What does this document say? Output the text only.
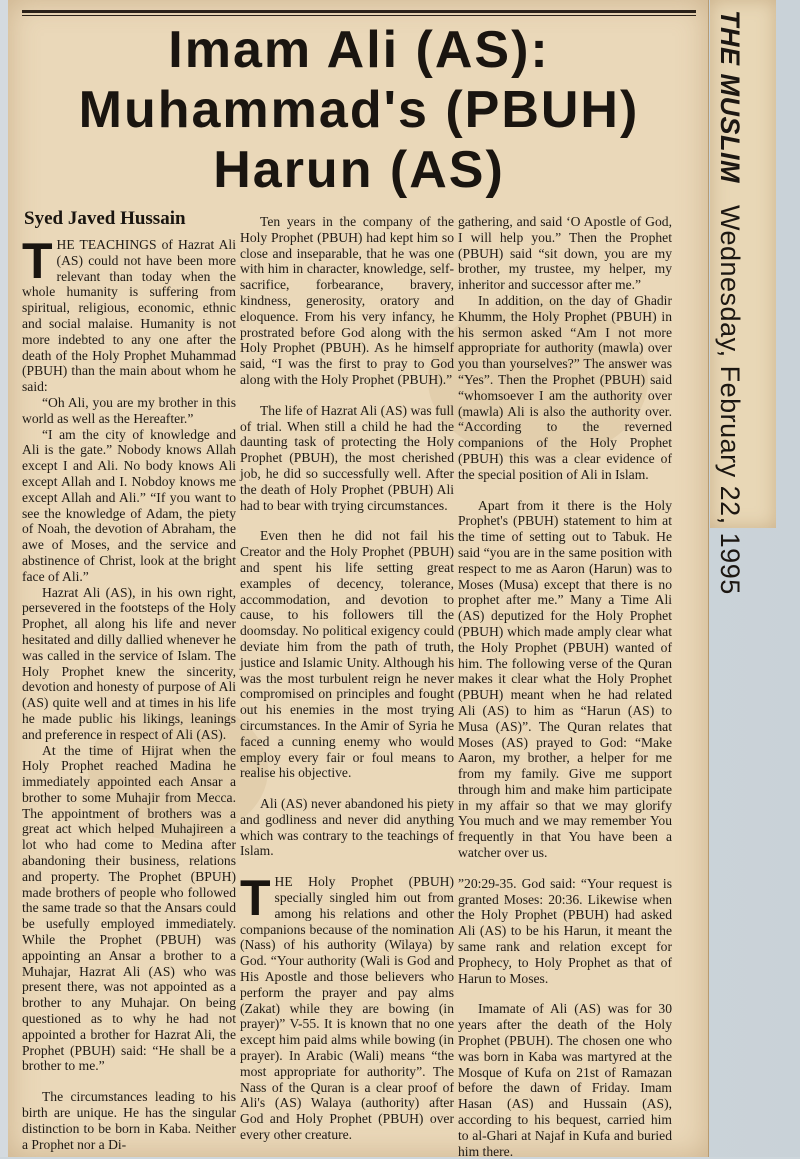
THE MUSLIM Wednesday, February 22, 1995
Imam Ali (AS):
Muhammad's (PBUH)
Harun (AS)
Syed Javed Hussain

THE TEACHINGS of Hazrat Ali (AS) could not have been more relevant than today when the whole humanity is suffering from spiritual, religious, economic, ethnic and social malaise. Humanity is not more indebted to any one after the death of the Holy Prophet Muhammad (PBUH) than the main about whom he said:

“Oh Ali, you are my brother in this world as well as the Hereafter.”

“I am the city of knowledge and Ali is the gate.” Nobody knows Allah except I and Ali. No body knows Ali except Allah and I. Nobdoy knows me except Allah and Ali.” “If you want to see the knowledge of Adam, the piety of Noah, the devotion of Abraham, the awe of Moses, and the service and abstinence of Christ, look at the bright face of Ali.”

Hazrat Ali (AS), in his own right, persevered in the footsteps of the Holy Prophet, all along his life and never hesitated and dilly dallied whenever he was called in the service of Islam. The Holy Prophet knew the sincerity, devotion and honesty of purpose of Ali (AS) quite well and at times in his life he made public his likings, leanings and preference in respect of Ali (AS).

At the time of Hijrat when the Holy Prophet reached Madina he immediately appointed each Ansar a brother to some Muhajir from Mecca. The appointment of brothers was a great act which helped Muhajireen a lot who had come to Medina after abandoning their business, relations and property. The Prophet (BPUH) made brothers of people who followed the same trade so that the Ansars could be usefully employed immediately. While the Prophet (PBUH) was appointing an Ansar a brother to a Muhajar, Hazrat Ali (AS) who was present there, was not appointed as a brother to any Muhajar. On being questioned as to why he had not appointed a brother for Hazrat Ali, the Prophet (PBUH) said: “He shall be a brother to me.”

The circumstances leading to his birth are unique. He has the singular distinction to be born in Kaba. Neither a Prophet nor a Di-

Ten years in the company of the Holy Prophet (PBUH) had kept him so close and inseparable, that he was one with him in character, knowledge, self-sacrifice, forbearance, bravery, kindness, generosity, oratory and eloquence. From his very infancy, he prostrated before God along with the Holy Prophet (PBUH). As he himself said, “I was the first to pray to God along with the Holy Prophet (PBUH).”

The life of Hazrat Ali (AS) was full of trial. When still a child he had the daunting task of protecting the Holy Prophet (PBUH), the most cherished job, he did so successfully well. After the death of Holy Prophet (PBUH) Ali had to bear with trying circumstances.

Even then he did not fail his Creator and the Holy Prophet (PBUH) and spent his life setting great examples of decency, tolerance, accommodation, and devotion to cause, to his followers till the doomsday. No political exigency could deviate him from the path of truth, justice and Islamic Unity. Although his was the most turbulent reign he never compromised on principles and fought out his enemies in the most trying circumstances. In the Amir of Syria he faced a cunning enemy who would employ every fair or foul means to realise his objective.

Ali (AS) never abandoned his piety and godliness and never did anything which was contrary to the teachings of Islam.

THE Holy Prophet (PBUH) specially singled him out from among his relations and other companions because of the nomination (Nass) of his authority (Wilaya) by God. “Your authority (Wali is God and His Apostle and those believers who perform the prayer and pay alms (Zakat) while they are bowing (in prayer)” V-55. It is known that no one except him paid alms while bowing (in prayer). In Arabic (Wali) means “the most appropriate for authority”. The Nass of the Quran is a clear proof of Ali's (AS) Walaya (authority) after God and Holy Prophet (PBUH) over every other creature.

gathering, and said ‘O Apostle of God, I will help you.” Then the Prophet (PBUH) said “sit down, you are my brother, my trustee, my helper, my inheritor and successor after me.”

In addition, on the day of Ghadir Khumm, the Holy Prophet (PBUH) in his sermon asked “Am I not more appropriate for authority (mawla) over you than yourselves?” The answer was “Yes”. Then the Prophet (PBUH) said “whomsoever I am the authority over (mawla) Ali is also the authority over. “According to the reverned companions of the Holy Prophet (PBUH) this was a clear evidence of the special position of Ali in Islam.

Apart from it there is the Holy Prophet's (PBUH) statement to him at the time of setting out to Tabuk. He said “you are in the same position with respect to me as Aaron (Harun) was to Moses (Musa) except that there is no prophet after me.” Many a Time Ali (AS) deputized for the Holy Prophet (PBUH) which made amply clear what the Holy Prophet (PBUH) wanted of him. The following verse of the Quran makes it clear what the Holy Prophet (PBUH) meant when he had related Ali (AS) to him as “Harun (AS) to Musa (AS)”. The Quran relates that Moses (AS) prayed to God: “Make Aaron, my brother, a helper for me from my family. Give me support through him and make him participate in my affair so that we may glorify You much and we may remember You frequently in that You have been a watcher over us.

”20:29-35. God said: “Your request is granted Moses: 20:36. Likewise when the Holy Prophet (PBUH) had asked Ali (AS) to be his Harun, it meant the same rank and relation except for Prophecy, to Holy Prophet as that of Harun to Moses.

Imamate of Ali (AS) was for 30 years after the death of the Holy Prophet (PBUH). The chosen one who was born in Kaba was martyred at the Mosque of Kufa on 21st of Ramazan before the dawn of Friday. Imam Hasan (AS) and Hussain (AS), according to his bequest, carried him to al-Ghari at Najaf in Kufa and buried him there.
